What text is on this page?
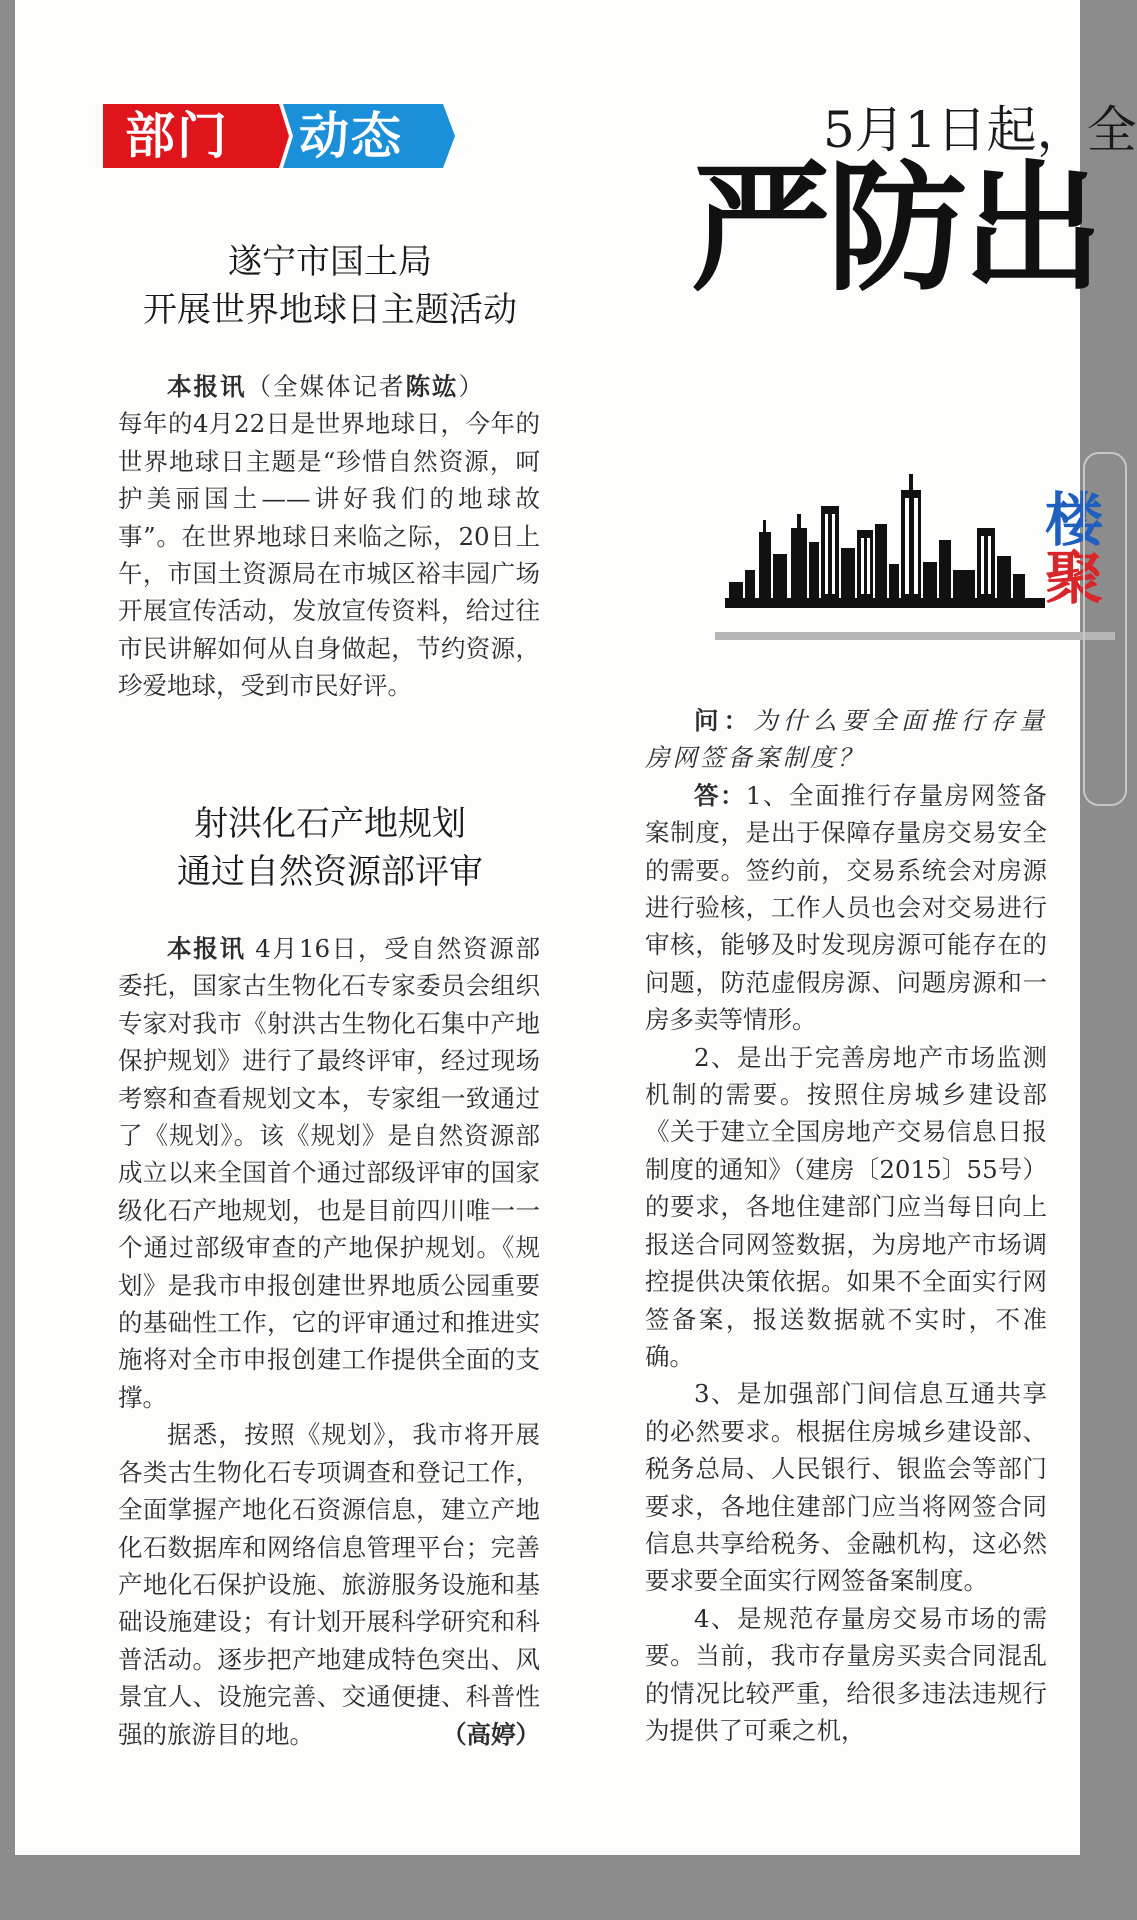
部门 动态
遂宁市国土局
开展世界地球日主题活动

本报讯（全媒体记者陈竑）

每年的4月22日是世界地球日，今年的世界地球日主题是“珍惜自然资源，呵护美丽国土——讲好我们的地球故事”。在世界地球日来临之际，20日上午，市国土资源局在市城区裕丰园广场开展宣传活动，发放宣传资料，给过往市民讲解如何从自身做起，节约资源，珍爱地球，受到市民好评。

射洪化石产地规划
通过自然资源部评审

本报讯 4月16日，受自然资源部委托，国家古生物化石专家委员会组织专家对我市《射洪古生物化石集中产地保护规划》进行了最终评审，经过现场考察和查看规划文本，专家组一致通过了《规划》。该《规划》是自然资源部成立以来全国首个通过部级评审的国家级化石产地规划，也是目前四川唯一一个通过部级审查的产地保护规划。《规划》是我市申报创建世界地质公园重要的基础性工作，它的评审通过和推进实施将对全市申报创建工作提供全面的支撑。

据悉，按照《规划》，我市将开展各类古生物化石专项调查和登记工作，全面掌握产地化石资源信息，建立产地化石数据库和网络信息管理平台；完善产地化石保护设施、旅游服务设施和基础设施建设；有计划开展科学研究和科普活动。逐步把产地建成特色突出、风景宜人、设施完善、交通便捷、科普性强的旅游目的地。	（高婷）

5月1日起，全
严防出
楼
聚

问：为什么要全面推行存量房网签备案制度？

答：1、全面推行存量房网签备案制度，是出于保障存量房交易安全的需要。签约前，交易系统会对房源进行验核，工作人员也会对交易进行审核，能够及时发现房源可能存在的问题，防范虚假房源、问题房源和一房多卖等情形。

2、是出于完善房地产市场监测机制的需要。按照住房城乡建设部《关于建立全国房地产交易信息日报制度的通知》（建房〔2015〕55号）的要求，各地住建部门应当每日向上报送合同网签数据，为房地产市场调控提供决策依据。如果不全面实行网签备案，报送数据就不实时，不准确。

3、是加强部门间信息互通共享的必然要求。根据住房城乡建设部、税务总局、人民银行、银监会等部门要求，各地住建部门应当将网签合同信息共享给税务、金融机构，这必然要求要全面实行网签备案制度。

4、是规范存量房交易市场的需要。当前，我市存量房买卖合同混乱的情况比较严重，给很多违法违规行为提供了可乘之机，
